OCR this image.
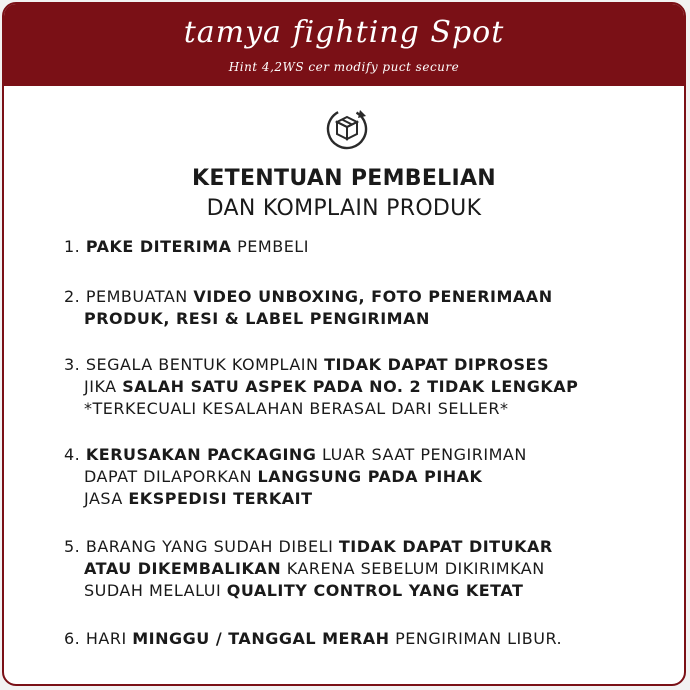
tamya fighting Spot
Hint 4,2WS cer modify puct secure
KETENTUAN PEMBELIAN
DAN KOMPLAIN PRODUK
1. PAKE DITERIMA PEMBELI
2. PEMBUATAN VIDEO UNBOXING, FOTO PENERIMAAN
PRODUK, RESI & LABEL PENGIRIMAN
3. SEGALA BENTUK KOMPLAIN TIDAK DAPAT DIPROSES
JIKA SALAH SATU ASPEK PADA NO. 2 TIDAK LENGKAP
*TERKECUALI KESALAHAN BERASAL DARI SELLER*
4. KERUSAKAN PACKAGING LUAR SAAT PENGIRIMAN
DAPAT DILAPORKAN LANGSUNG PADA PIHAK
JASA EKSPEDISI TERKAIT
5. BARANG YANG SUDAH DIBELI TIDAK DAPAT DITUKAR
ATAU DIKEMBALIKAN KARENA SEBELUM DIKIRIMKAN
SUDAH MELALUI QUALITY CONTROL YANG KETAT
6. HARI MINGGU / TANGGAL MERAH PENGIRIMAN LIBUR.
